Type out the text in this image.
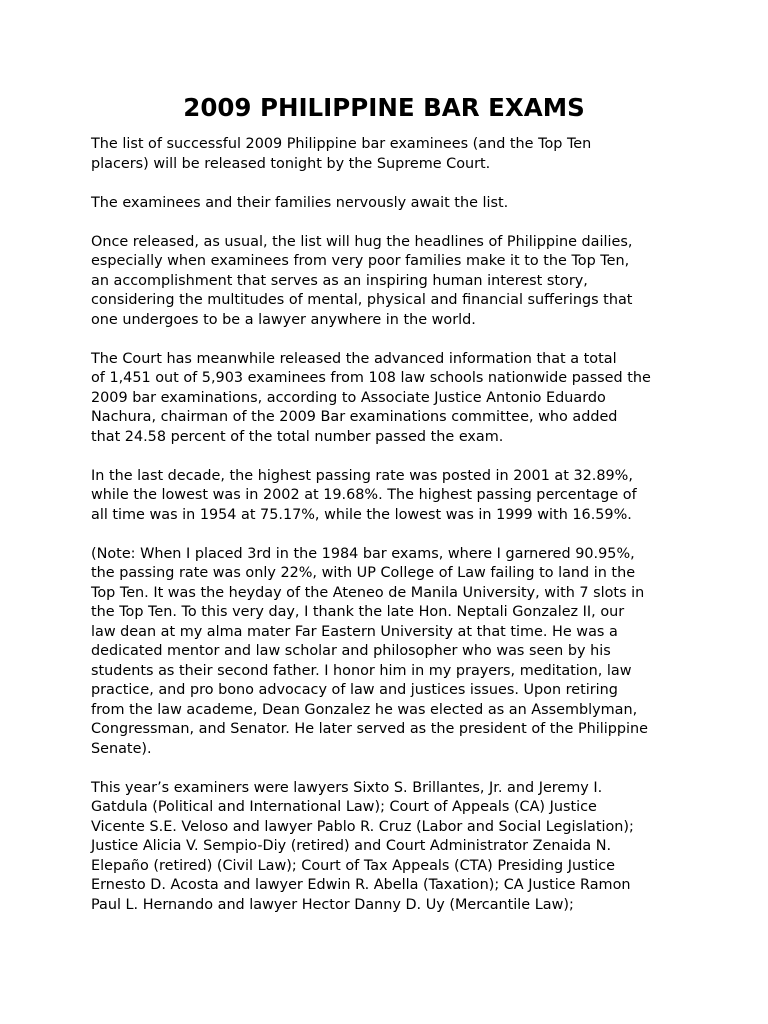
2009 PHILIPPINE BAR EXAMS

The list of successful 2009 Philippine bar examinees (and the Top Ten
placers) will be released tonight by the Supreme Court.

The examinees and their families nervously await the list.

Once released, as usual, the list will hug the headlines of Philippine dailies,
especially when examinees from very poor families make it to the Top Ten,
an accomplishment that serves as an inspiring human interest story,
considering the multitudes of mental, physical and financial sufferings that
one undergoes to be a lawyer anywhere in the world.

The Court has meanwhile released the advanced information that a total
of 1,451 out of 5,903 examinees from 108 law schools nationwide passed the
2009 bar examinations, according to Associate Justice Antonio Eduardo
Nachura, chairman of the 2009 Bar examinations committee, who added
that 24.58 percent of the total number passed the exam.

In the last decade, the highest passing rate was posted in 2001 at 32.89%,
while the lowest was in 2002 at 19.68%. The highest passing percentage of
all time was in 1954 at 75.17%, while the lowest was in 1999 with 16.59%.

(Note: When I placed 3rd in the 1984 bar exams, where I garnered 90.95%,
the passing rate was only 22%, with UP College of Law failing to land in the
Top Ten. It was the heyday of the Ateneo de Manila University, with 7 slots in
the Top Ten. To this very day, I thank the late Hon. Neptali Gonzalez II, our
law dean at my alma mater Far Eastern University at that time. He was a
dedicated mentor and law scholar and philosopher who was seen by his
students as their second father. I honor him in my prayers, meditation, law
practice, and pro bono advocacy of law and justices issues. Upon retiring
from the law academe, Dean Gonzalez he was elected as an Assemblyman,
Congressman, and Senator. He later served as the president of the Philippine
Senate).

This year’s examiners were lawyers Sixto S. Brillantes, Jr. and Jeremy I.
Gatdula (Political and International Law); Court of Appeals (CA) Justice
Vicente S.E. Veloso and lawyer Pablo R. Cruz (Labor and Social Legislation);
Justice Alicia V. Sempio-Diy (retired) and Court Administrator Zenaida N.
Elepaño (retired) (Civil Law); Court of Tax Appeals (CTA) Presiding Justice
Ernesto D. Acosta and lawyer Edwin R. Abella (Taxation); CA Justice Ramon
Paul L. Hernando and lawyer Hector Danny D. Uy (Mercantile Law);
